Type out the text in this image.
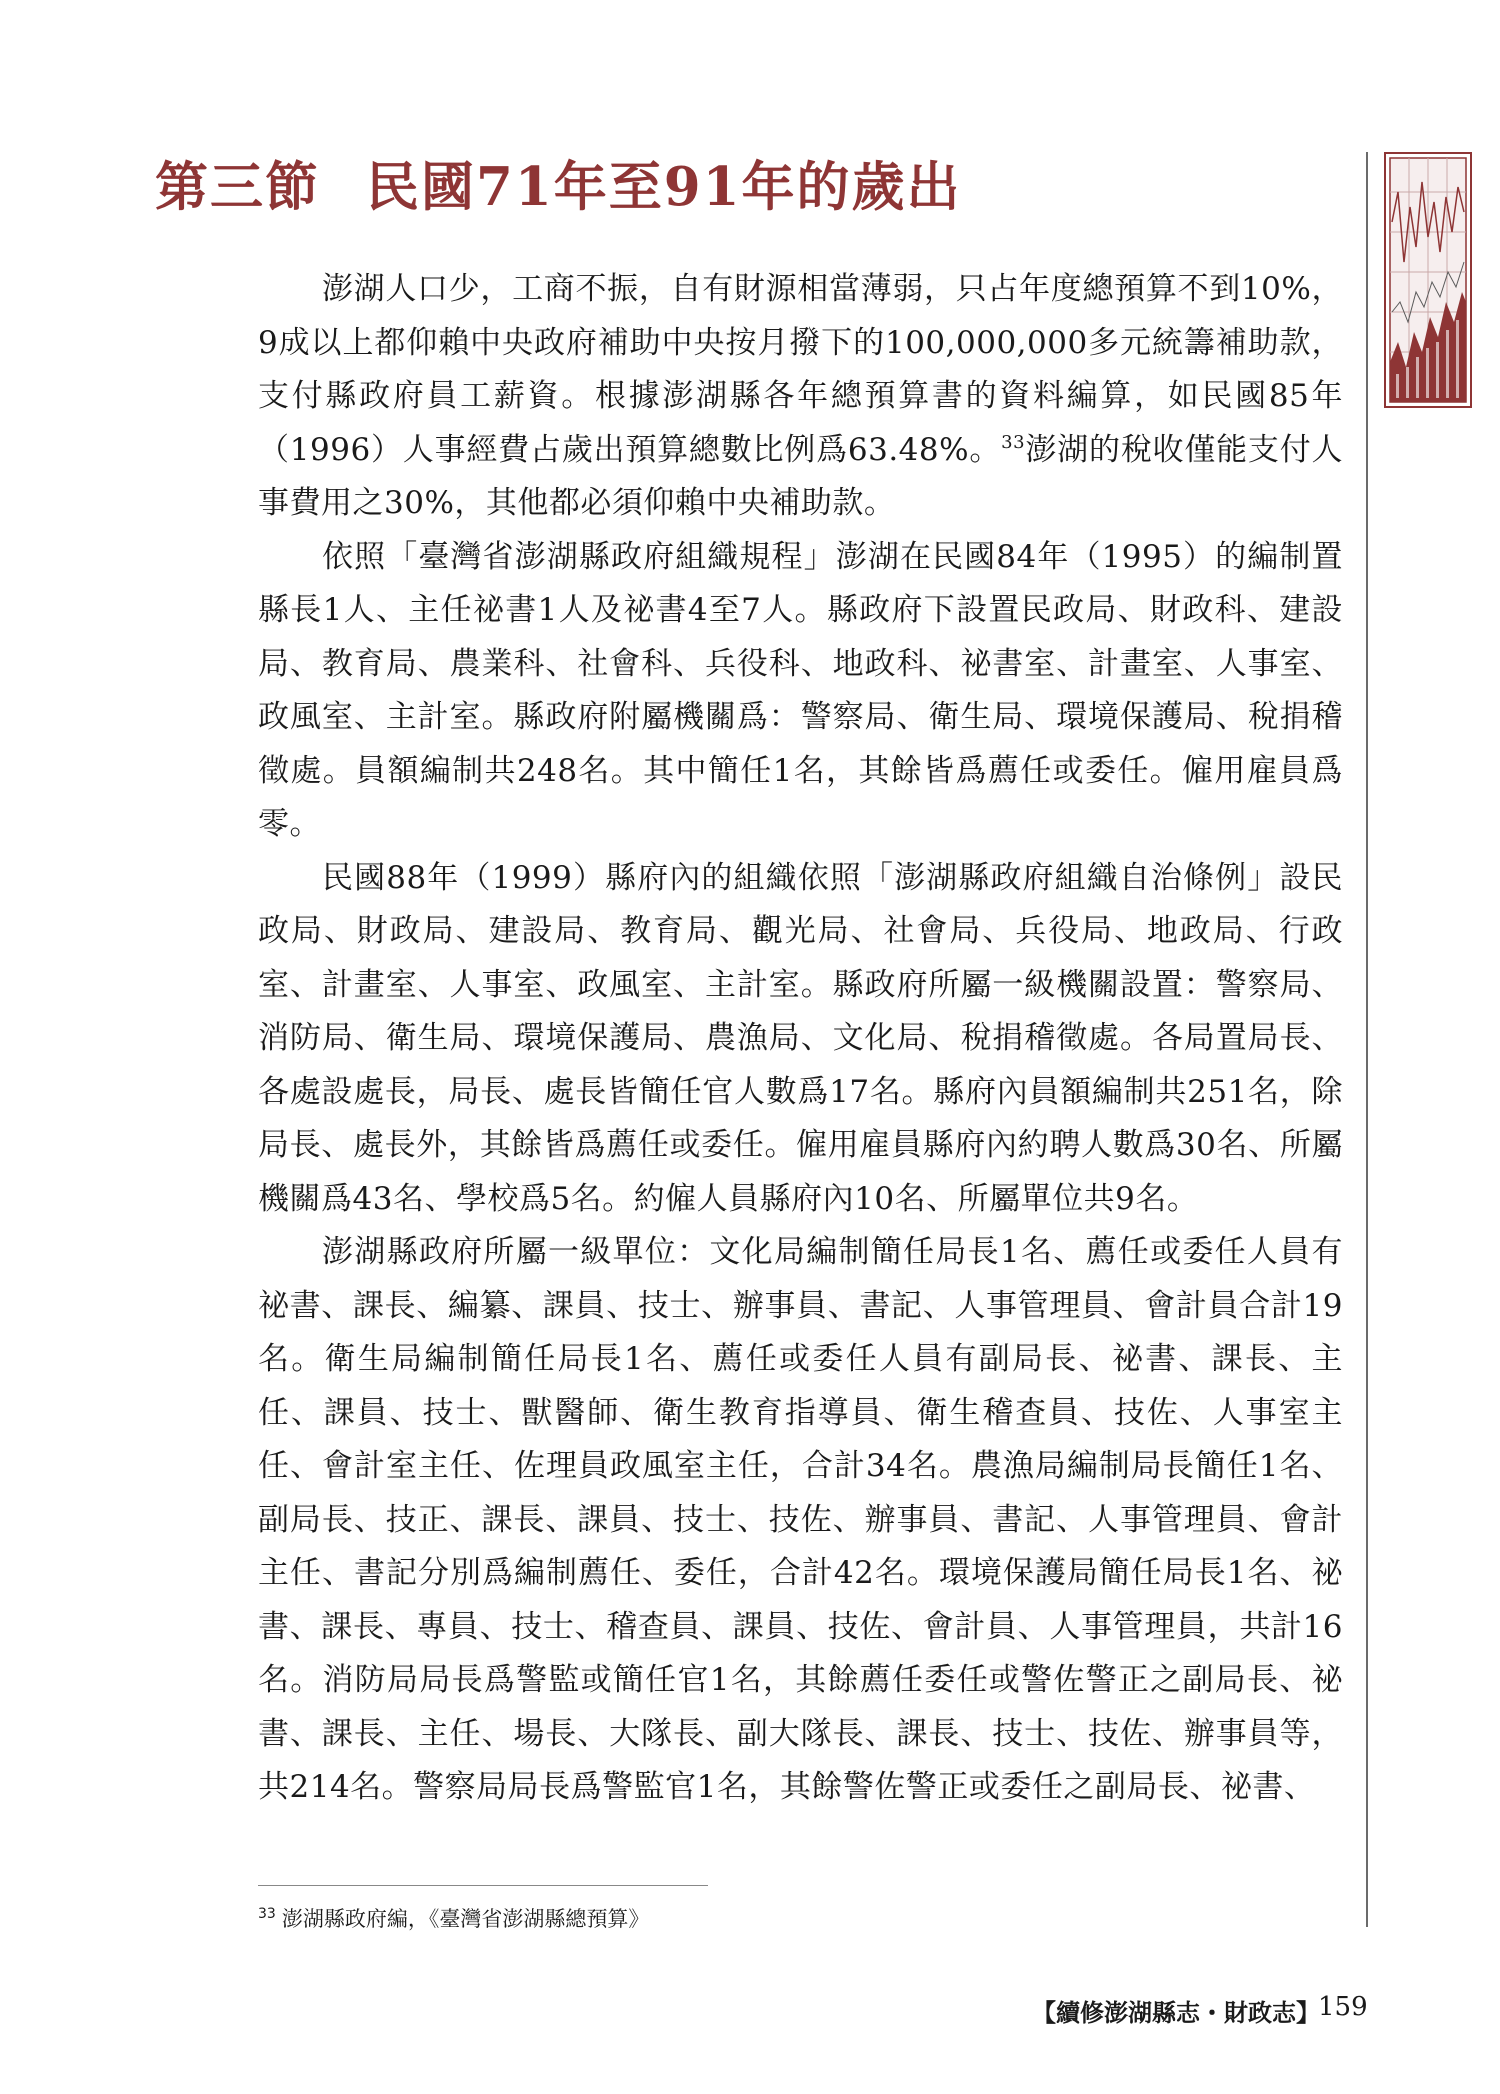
第三節 民國71年至91年的歲出

澎湖人口少，工商不振，自有財源相當薄弱，只占年度總預算不到10%，9成以上都仰賴中央政府補助中央按月撥下的100,000,000多元統籌補助款，支付縣政府員工薪資。根據澎湖縣各年總預算書的資料編算，如民國85年（1996）人事經費占歲出預算總數比例爲63.48%。$^{33}$澎湖的稅收僅能支付人事費用之30%，其他都必須仰賴中央補助款。

依照「臺灣省澎湖縣政府組織規程」澎湖在民國84年（1995）的編制置縣長1人、主任祕書1人及祕書4至7人。縣政府下設置民政局、財政科、建設局、教育局、農業科、社會科、兵役科、地政科、祕書室、計畫室、人事室、政風室、主計室。縣政府附屬機關爲：警察局、衛生局、環境保護局、稅捐稽徵處。員額編制共248名。其中簡任1名，其餘皆爲薦任或委任。僱用雇員爲零。

民國88年（1999）縣府內的組織依照「澎湖縣政府組織自治條例」設民政局、財政局、建設局、教育局、觀光局、社會局、兵役局、地政局、行政室、計畫室、人事室、政風室、主計室。縣政府所屬一級機關設置：警察局、消防局、衛生局、環境保護局、農漁局、文化局、稅捐稽徵處。各局置局長、各處設處長，局長、處長皆簡任官人數爲17名。縣府內員額編制共251名，除局長、處長外，其餘皆爲薦任或委任。僱用雇員縣府內約聘人數爲30名、所屬機關爲43名、學校爲5名。約僱人員縣府內10名、所屬單位共9名。

澎湖縣政府所屬一級單位：文化局編制簡任局長1名、薦任或委任人員有祕書、課長、編纂、課員、技士、辦事員、書記、人事管理員、會計員合計19名。衛生局編制簡任局長1名、薦任或委任人員有副局長、祕書、課長、主任、課員、技士、獸醫師、衛生教育指導員、衛生稽查員、技佐、人事室主任、會計室主任、佐理員政風室主任，合計34名。農漁局編制局長簡任1名、副局長、技正、課長、課員、技士、技佐、辦事員、書記、人事管理員、會計主任、書記分別爲編制薦任、委任，合計42名。環境保護局簡任局長1名、祕書、課長、專員、技士、稽查員、課員、技佐、會計員、人事管理員，共計16名。消防局局長爲警監或簡任官1名，其餘薦任委任或警佐警正之副局長、祕書、課長、主任、場長、大隊長、副大隊長、課長、技士、技佐、辦事員等，共214名。警察局局長爲警監官1名，其餘警佐警正或委任之副局長、祕書、

$^{33}$ 澎湖縣政府編，《臺灣省澎湖縣總預算》
【續修澎湖縣志・財政志】
159
